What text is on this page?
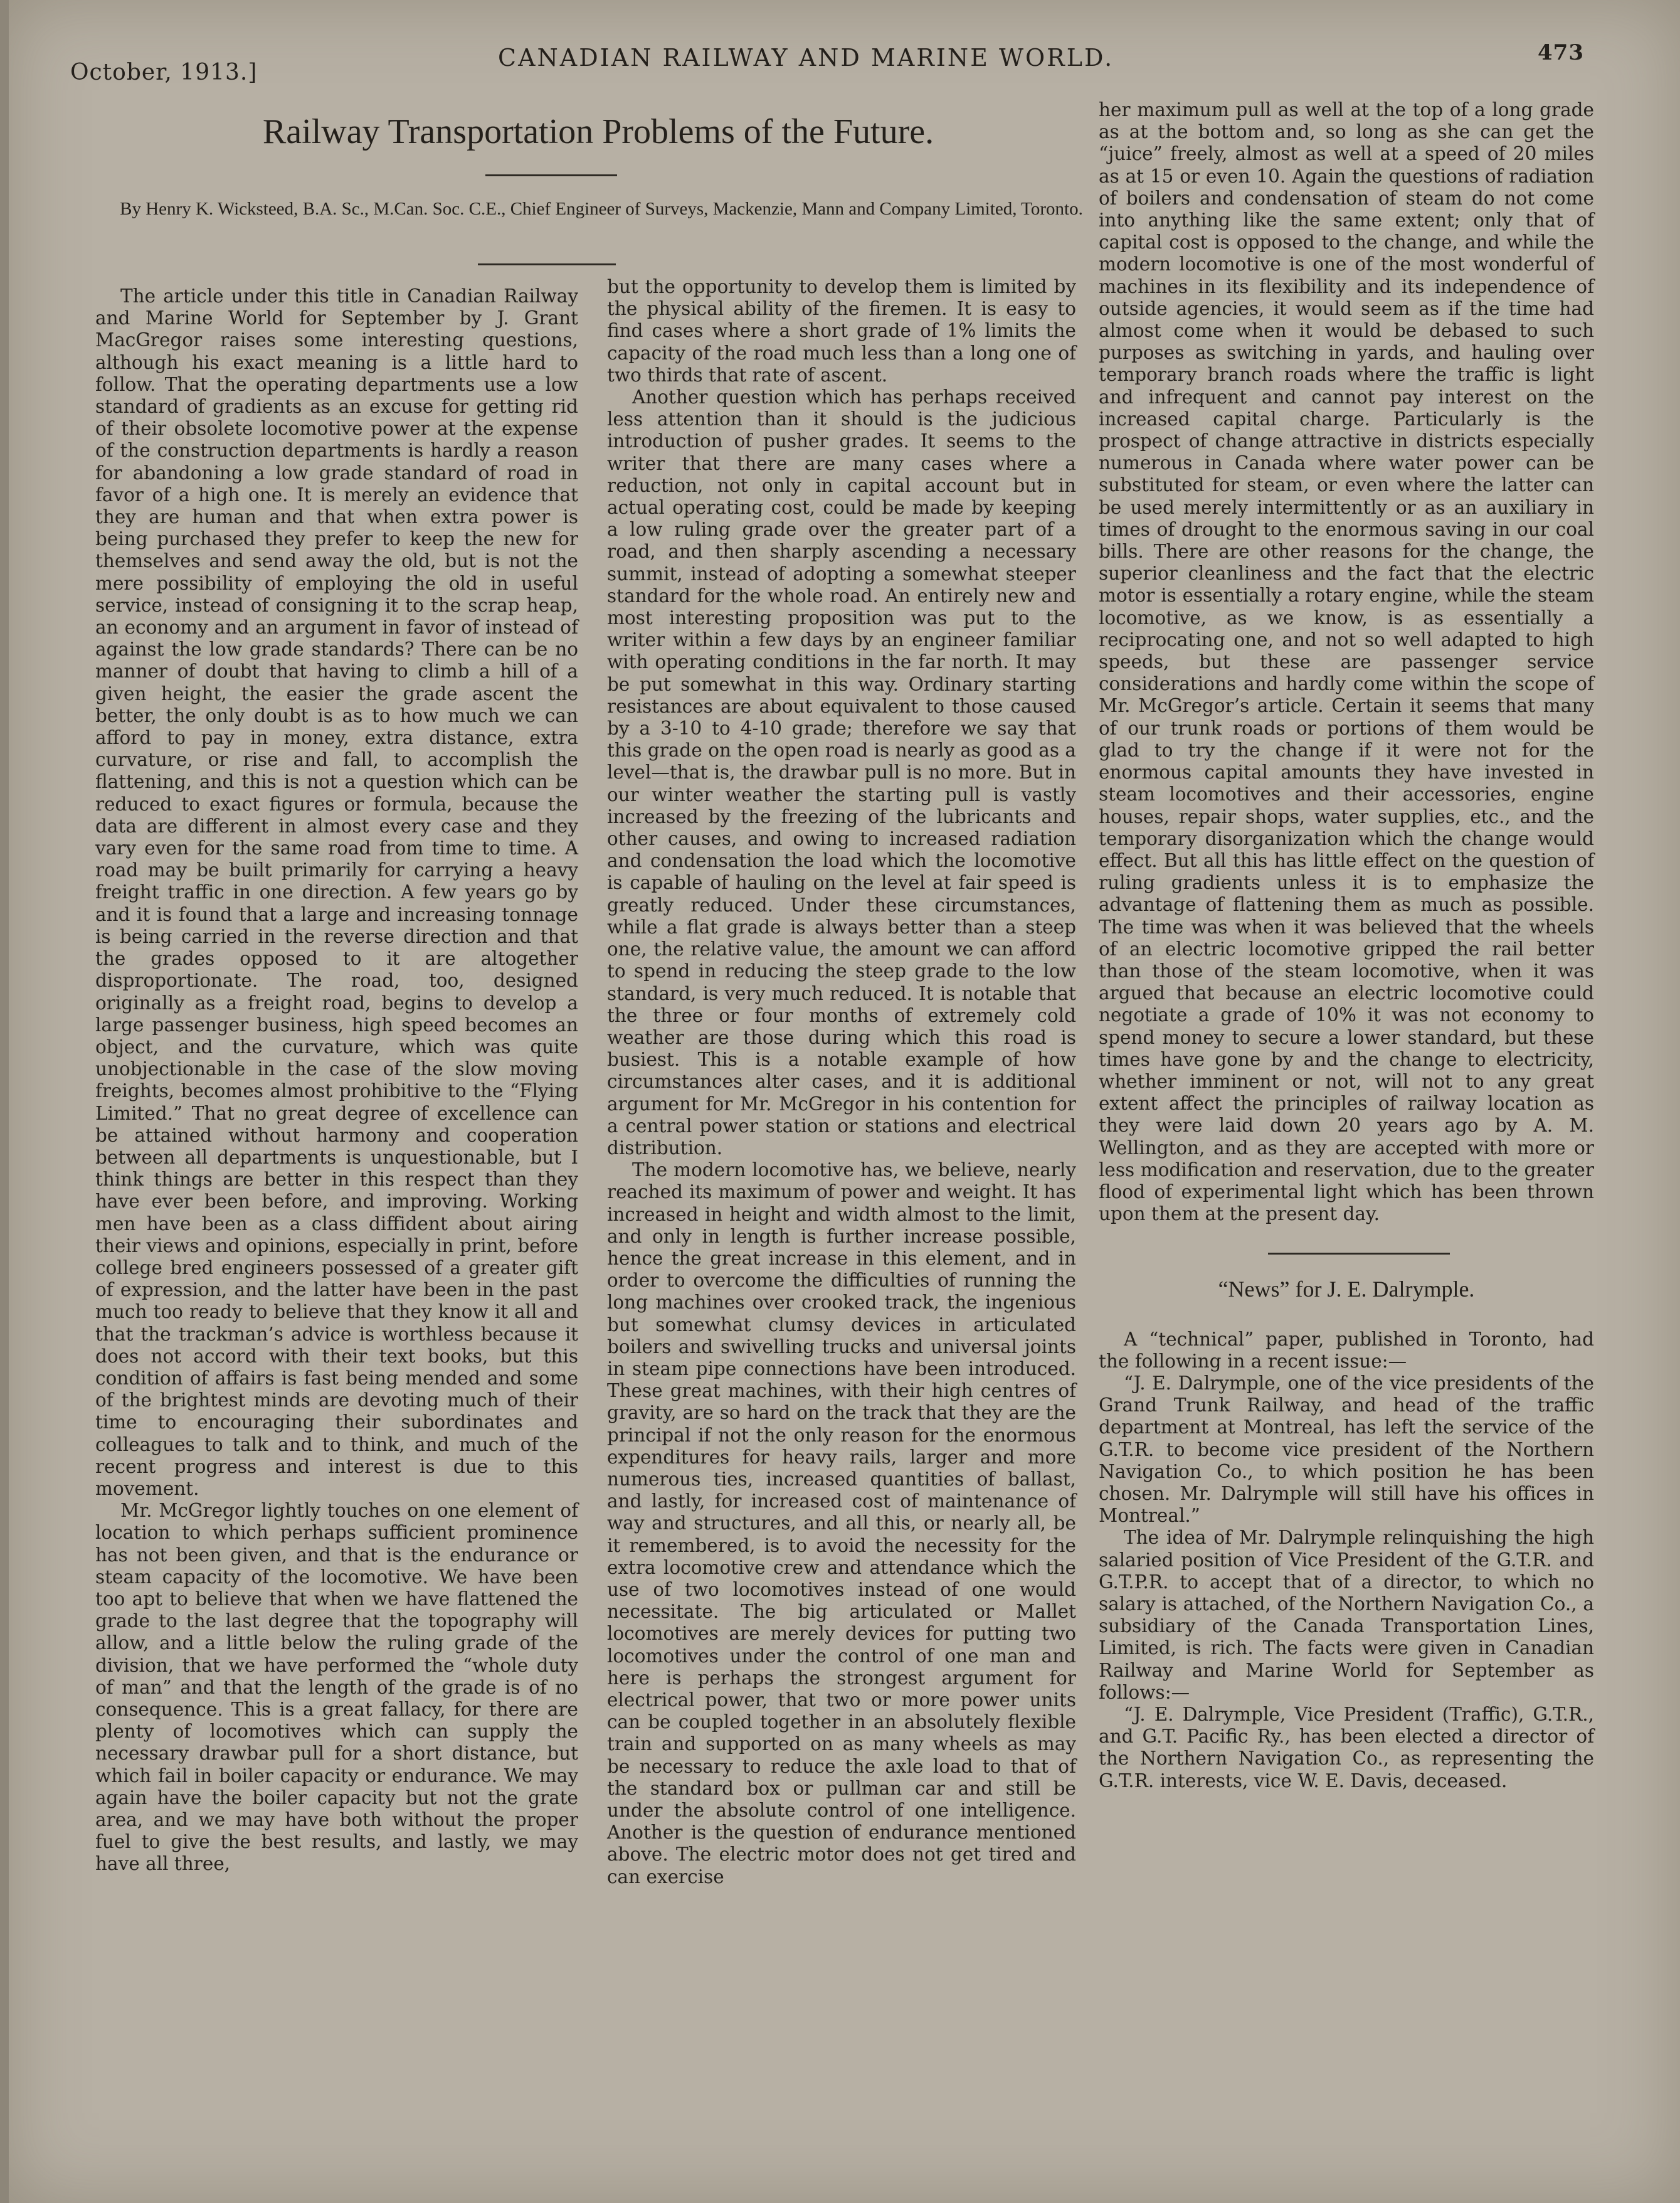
October, 1913.]
CANADIAN RAILWAY AND MARINE WORLD.	473
Railway Transportation Problems of the Future.
By Henry K. Wicksteed, B.A. Sc., M.Can. Soc. C.E., Chief Engineer of Surveys, Mackenzie, Mann and Company Limited, Toronto.

The article under this title in Canadian Railway and Marine World for September by J. Grant MacGregor raises some interesting questions, although his exact meaning is a little hard to follow. That the operating departments use a low standard of gradients as an excuse for getting rid of their obsolete locomotive power at the expense of the construction departments is hardly a reason for abandoning a low grade standard of road in favor of a high one. It is merely an evidence that they are human and that when extra power is being purchased they prefer to keep the new for themselves and send away the old, but is not the mere possibility of employing the old in useful service, instead of consigning it to the scrap heap, an economy and an argument in favor of instead of against the low grade standards? There can be no manner of doubt that having to climb a hill of a given height, the easier the grade ascent the better, the only doubt is as to how much we can afford to pay in money, extra distance, extra curvature, or rise and fall, to accomplish the flattening, and this is not a question which can be reduced to exact figures or formula, because the data are different in almost every case and they vary even for the same road from time to time. A road may be built primarily for carrying a heavy freight traffic in one direction. A few years go by and it is found that a large and increasing tonnage is being carried in the reverse direction and that the grades opposed to it are altogether disproportionate. The road, too, designed originally as a freight road, begins to develop a large passenger business, high speed becomes an object, and the curvature, which was quite unobjectionable in the case of the slow moving freights, becomes almost prohibitive to the “Flying Limited.” That no great degree of excellence can be attained without harmony and cooperation between all departments is unquestionable, but I think things are better in this respect than they have ever been before, and improving. Working men have been as a class diffident about airing their views and opinions, especially in print, before college bred engineers possessed of a greater gift of expression, and the latter have been in the past much too ready to believe that they know it all and that the trackman’s advice is worthless because it does not accord with their text books, but this condition of affairs is fast being mended and some of the brightest minds are devoting much of their time to encouraging their subordinates and colleagues to talk and to think, and much of the recent progress and interest is due to this movement.

Mr. McGregor lightly touches on one element of location to which perhaps sufficient prominence has not been given, and that is the endurance or steam capacity of the locomotive. We have been too apt to believe that when we have flattened the grade to the last degree that the topography will allow, and a little below the ruling grade of the division, that we have performed the “whole duty of man” and that the length of the grade is of no consequence. This is a great fallacy, for there are plenty of locomotives which can supply the necessary drawbar pull for a short distance, but which fail in boiler capacity or endurance. We may again have the boiler capacity but not the grate area, and we may have both without the proper fuel to give the best results, and lastly, we may have all three,

but the opportunity to develop them is limited by the physical ability of the firemen. It is easy to find cases where a short grade of 1% limits the capacity of the road much less than a long one of two thirds that rate of ascent.

Another question which has perhaps received less attention than it should is the judicious introduction of pusher grades. It seems to the writer that there are many cases where a reduction, not only in capital account but in actual operating cost, could be made by keeping a low ruling grade over the greater part of a road, and then sharply ascending a necessary summit, instead of adopting a somewhat steeper standard for the whole road. An entirely new and most interesting proposition was put to the writer within a few days by an engineer familiar with operating conditions in the far north. It may be put somewhat in this way. Ordinary starting resistances are about equivalent to those caused by a 3-10 to 4-10 grade; therefore we say that this grade on the open road is nearly as good as a level—that is, the drawbar pull is no more. But in our winter weather the starting pull is vastly increased by the freezing of the lubricants and other causes, and owing to increased radiation and condensation the load which the locomotive is capable of hauling on the level at fair speed is greatly reduced. Under these circumstances, while a flat grade is always better than a steep one, the relative value, the amount we can afford to spend in reducing the steep grade to the low standard, is very much reduced. It is notable that the three or four months of extremely cold weather are those during which this road is busiest. This is a notable example of how circumstances alter cases, and it is additional argument for Mr. McGregor in his contention for a central power station or stations and electrical distribution.

The modern locomotive has, we believe, nearly reached its maximum of power and weight. It has increased in height and width almost to the limit, and only in length is further increase possible, hence the great increase in this element, and in order to overcome the difficulties of running the long machines over crooked track, the ingenious but somewhat clumsy devices in articulated boilers and swivelling trucks and universal joints in steam pipe connections have been introduced. These great machines, with their high centres of gravity, are so hard on the track that they are the principal if not the only reason for the enormous expenditures for heavy rails, larger and more numerous ties, increased quantities of ballast, and lastly, for increased cost of maintenance of way and structures, and all this, or nearly all, be it remembered, is to avoid the necessity for the extra locomotive crew and attendance which the use of two locomotives instead of one would necessitate. The big articulated or Mallet locomotives are merely devices for putting two locomotives under the control of one man and here is perhaps the strongest argument for electrical power, that two or more power units can be coupled together in an absolutely flexible train and supported on as many wheels as may be necessary to reduce the axle load to that of the standard box or pullman car and still be under the absolute control of one intelligence. Another is the question of endurance mentioned above. The electric motor does not get tired and can exercise

her maximum pull as well at the top of a long grade as at the bottom and, so long as she can get the “juice” freely, almost as well at a speed of 20 miles as at 15 or even 10. Again the questions of radiation of boilers and condensation of steam do not come into anything like the same extent; only that of capital cost is opposed to the change, and while the modern locomotive is one of the most wonderful of machines in its flexibility and its independence of outside agencies, it would seem as if the time had almost come when it would be debased to such purposes as switching in yards, and hauling over temporary branch roads where the traffic is light and infrequent and cannot pay interest on the increased capital charge. Particularly is the prospect of change attractive in districts especially numerous in Canada where water power can be substituted for steam, or even where the latter can be used merely intermittently or as an auxiliary in times of drought to the enormous saving in our coal bills. There are other reasons for the change, the superior cleanliness and the fact that the electric motor is essentially a rotary engine, while the steam locomotive, as we know, is as essentially a reciprocating one, and not so well adapted to high speeds, but these are passenger service considerations and hardly come within the scope of Mr. McGregor’s article. Certain it seems that many of our trunk roads or portions of them would be glad to try the change if it were not for the enormous capital amounts they have invested in steam locomotives and their accessories, engine houses, repair shops, water supplies, etc., and the temporary disorganization which the change would effect. But all this has little effect on the question of ruling gradients unless it is to emphasize the advantage of flattening them as much as possible. The time was when it was believed that the wheels of an electric locomotive gripped the rail better than those of the steam locomotive, when it was argued that because an electric locomotive could negotiate a grade of 10% it was not economy to spend money to secure a lower standard, but these times have gone by and the change to electricity, whether imminent or not, will not to any great extent affect the principles of railway location as they were laid down 20 years ago by A. M. Wellington, and as they are accepted with more or less modification and reservation, due to the greater flood of experimental light which has been thrown upon them at the present day.

“News” for J. E. Dalrymple.

A “technical” paper, published in Toronto, had the following in a recent issue:—

“J. E. Dalrymple, one of the vice presidents of the Grand Trunk Railway, and head of the traffic department at Montreal, has left the service of the G.T.R. to become vice president of the Northern Navigation Co., to which position he has been chosen. Mr. Dalrymple will still have his offices in Montreal.”

The idea of Mr. Dalrymple relinquishing the high salaried position of Vice President of the G.T.R. and G.T.P.R. to accept that of a director, to which no salary is attached, of the Northern Navigation Co., a subsidiary of the Canada Transportation Lines, Limited, is rich. The facts were given in Canadian Railway and Marine World for September as follows:—

“J. E. Dalrymple, Vice President (Traffic), G.T.R., and G.T. Pacific Ry., has been elected a director of the Northern Navigation Co., as representing the G.T.R. interests, vice W. E. Davis, deceased.
